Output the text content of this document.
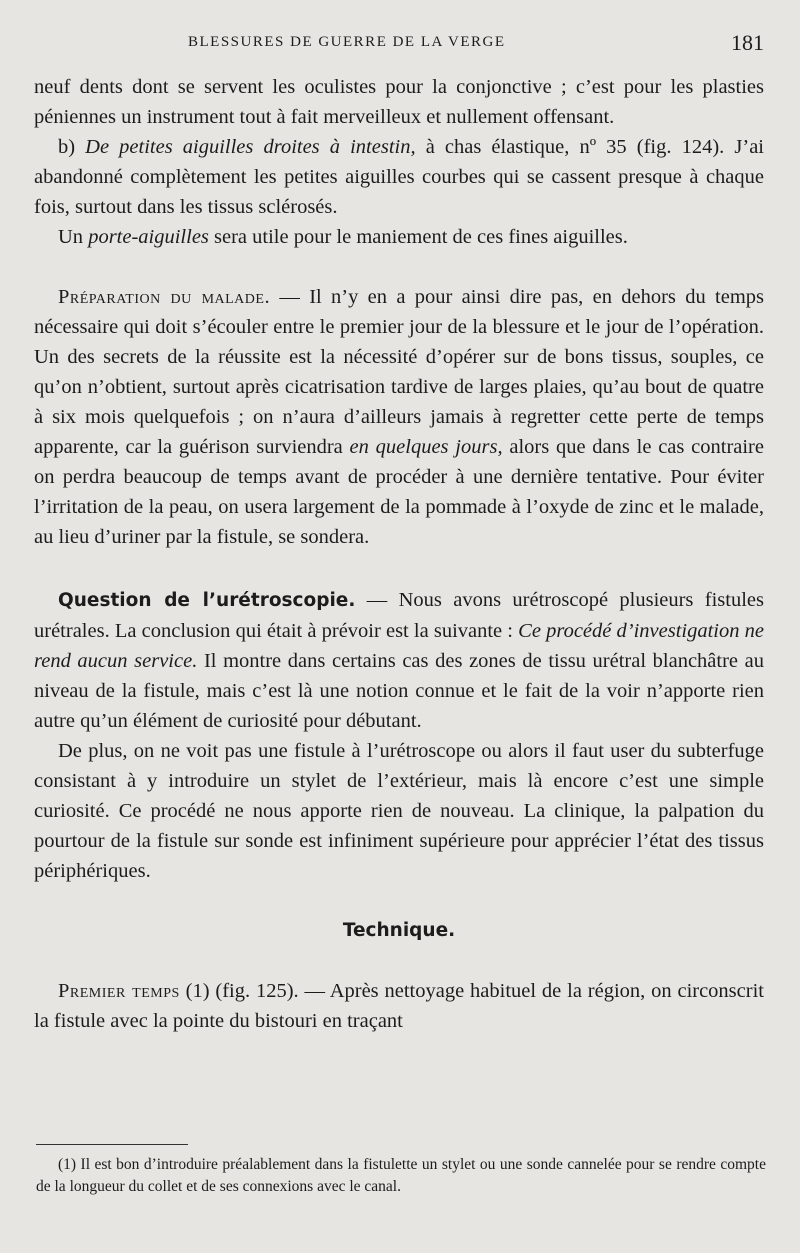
BLESSURES DE GUERRE DE LA VERGE	181

neuf dents dont se servent les oculistes pour la conjonctive ; c’est pour les plasties péniennes un instrument tout à fait merveilleux et nullement offensant.

b) De petites aiguilles droites à intestin, à chas élastique, nº 35 (fig. 124). J’ai abandonné complètement les petites aiguilles courbes qui se cassent presque à chaque fois, surtout dans les tissus sclérosés.

Un porte-aiguilles sera utile pour le maniement de ces fines aiguilles.

Préparation du malade. — Il n’y en a pour ainsi dire pas, en dehors du temps nécessaire qui doit s’écouler entre le premier jour de la blessure et le jour de l’opération. Un des secrets de la réussite est la nécessité d’opérer sur de bons tissus, souples, ce qu’on n’obtient, surtout après cicatrisation tardive de larges plaies, qu’au bout de quatre à six mois quelquefois ; on n’aura d’ailleurs jamais à regretter cette perte de temps apparente, car la guérison surviendra en quelques jours, alors que dans le cas contraire on perdra beaucoup de temps avant de procéder à une dernière tentative. Pour éviter l’irritation de la peau, on usera largement de la pommade à l’oxyde de zinc et le malade, au lieu d’uriner par la fistule, se sondera.

Question de l’urétroscopie. — Nous avons urétroscopé plusieurs fistules urétrales. La conclusion qui était à prévoir est la suivante : Ce procédé d’investigation ne rend aucun service. Il montre dans certains cas des zones de tissu urétral blanchâtre au niveau de la fistule, mais c’est là une notion connue et le fait de la voir n’apporte rien autre qu’un élément de curiosité pour débutant.

De plus, on ne voit pas une fistule à l’urétroscope ou alors il faut user du subterfuge consistant à y introduire un stylet de l’extérieur, mais là encore c’est une simple curiosité. Ce procédé ne nous apporte rien de nouveau. La clinique, la palpation du pourtour de la fistule sur sonde est infiniment supérieure pour apprécier l’état des tissus périphériques.

Technique.

Premier temps (1) (fig. 125). — Après nettoyage habituel de la région, on circonscrit la fistule avec la pointe du bistouri en traçant

(1) Il est bon d’introduire préalablement dans la fistulette un stylet ou une sonde cannelée pour se rendre compte de la longueur du collet et de ses connexions avec le canal.
